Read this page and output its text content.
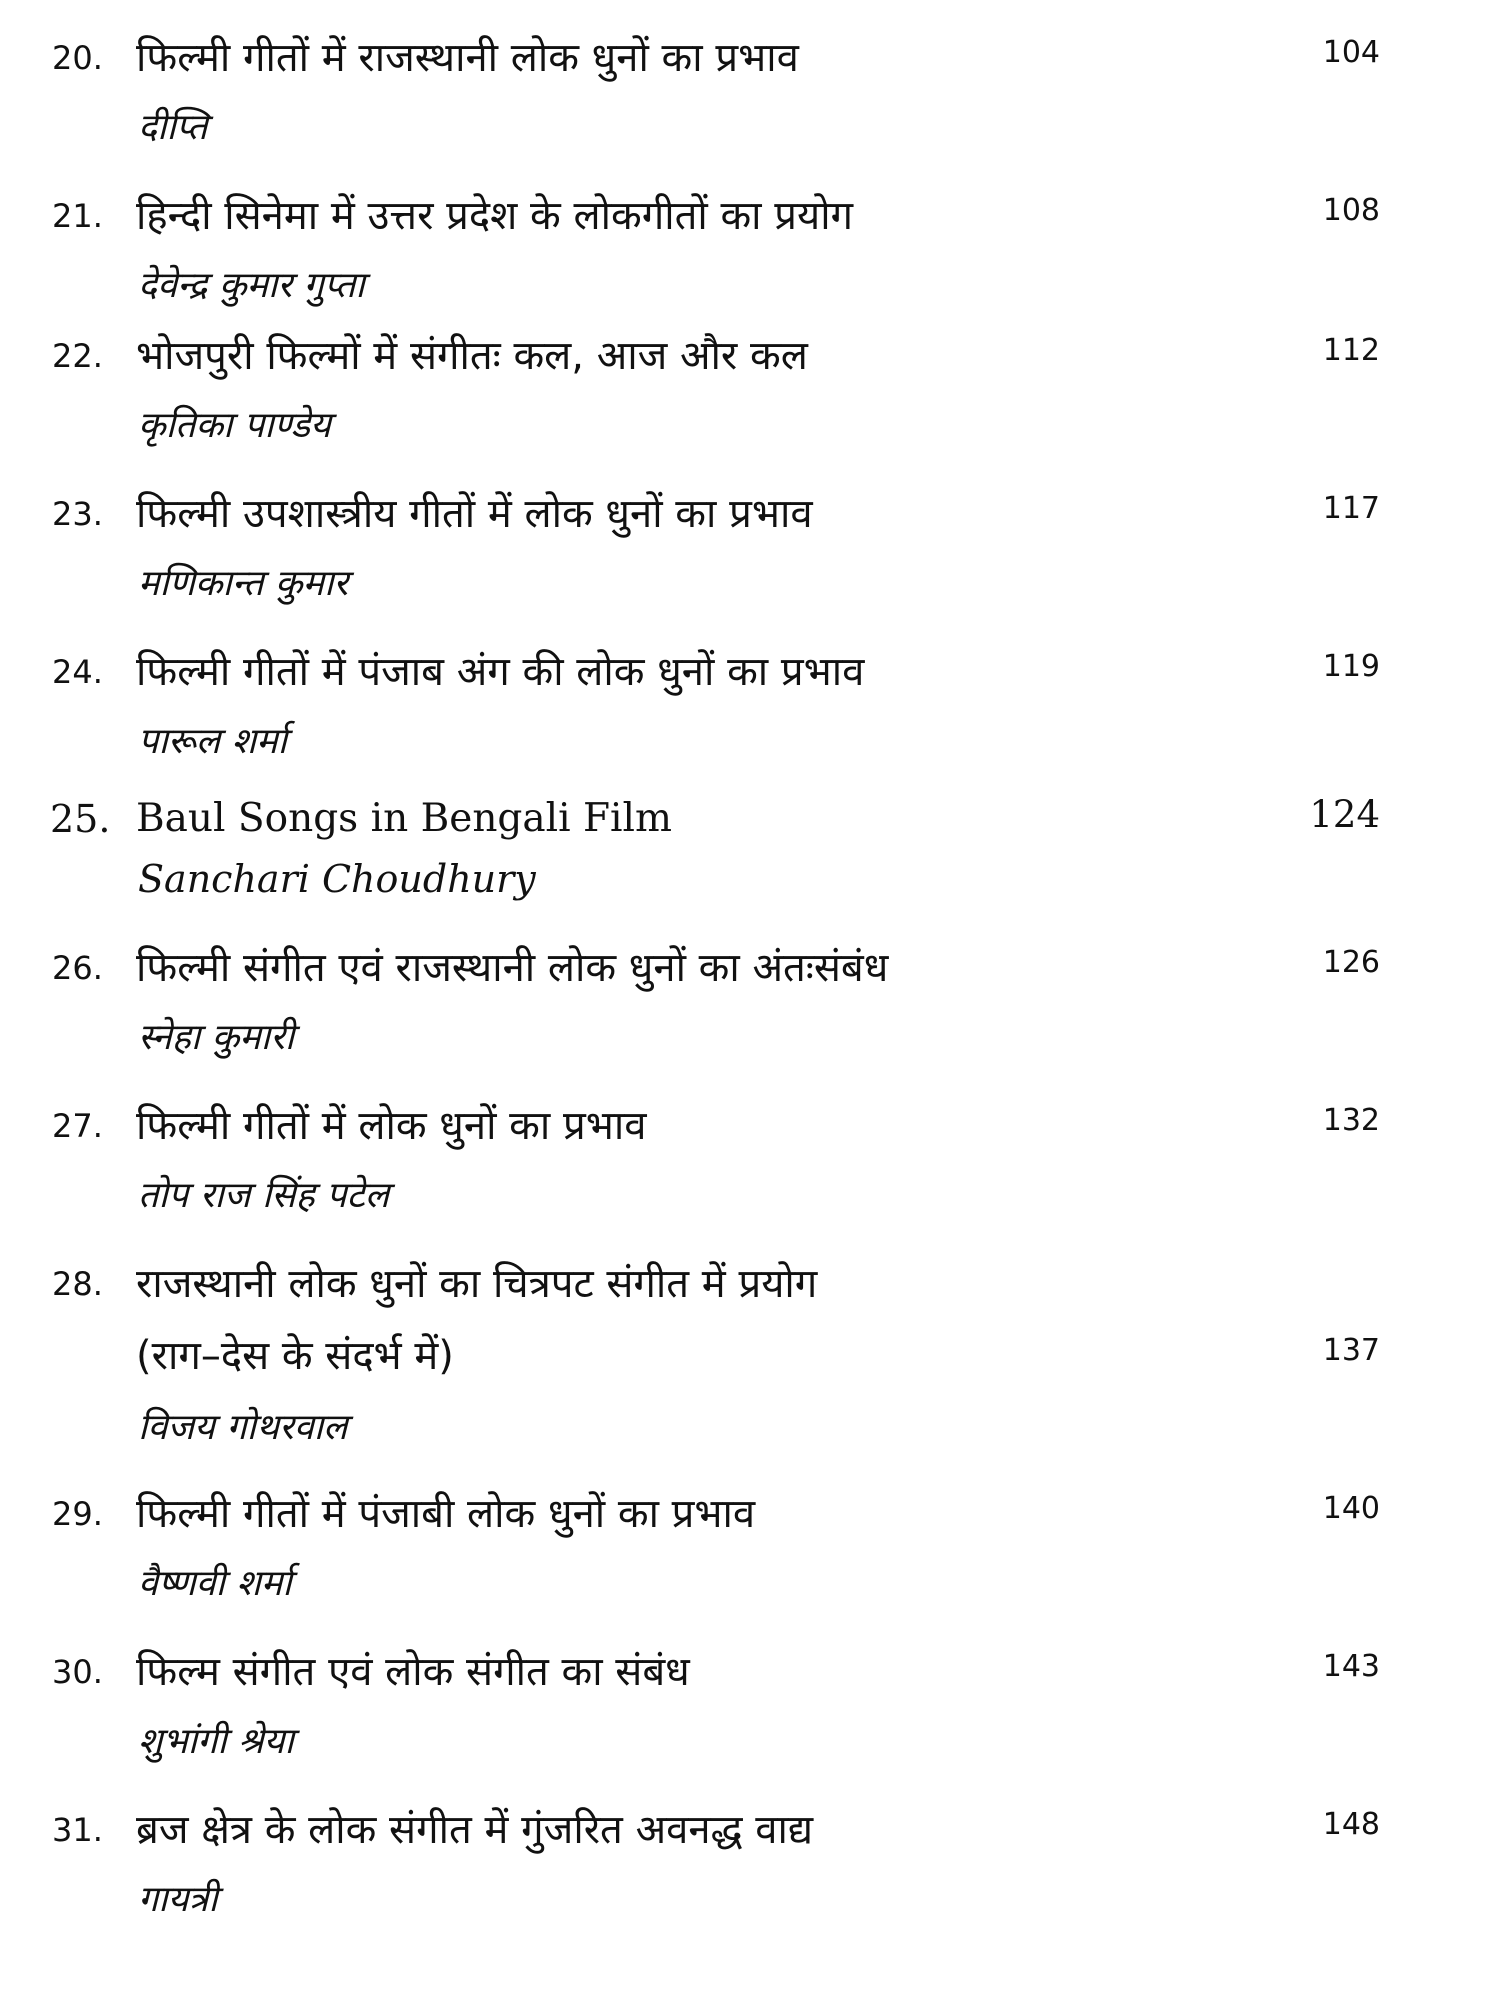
20. फिल्मी गीतों में राजस्थानी लोक धुनों का प्रभाव	104
दीप्ति
21. हिन्दी सिनेमा में उत्तर प्रदेश के लोकगीतों का प्रयोग	108
देवेन्द्र कुमार गुप्ता
22. भोजपुरी फिल्मों में संगीतः कल, आज और कल	112
कृतिका पाण्डेय
23. फिल्मी उपशास्त्रीय गीतों में लोक धुनों का प्रभाव	117
मणिकान्त कुमार
24. फिल्मी गीतों में पंजाब अंग की लोक धुनों का प्रभाव	119
पारूल शर्मा
25. Baul Songs in Bengali Film	124
Sanchari Choudhury
26. फिल्मी संगीत एवं राजस्थानी लोक धुनों का अंतःसंबंध	126
स्नेहा कुमारी
27. फिल्मी गीतों में लोक धुनों का प्रभाव	132
तोप राज सिंह पटेल
28. राजस्थानी लोक धुनों का चित्रपट संगीत में प्रयोग
(राग–देस के संदर्भ में)	137
विजय गोथरवाल
29. फिल्मी गीतों में पंजाबी लोक धुनों का प्रभाव	140
वैष्णवी शर्मा
30. फिल्म संगीत एवं लोक संगीत का संबंध	143
शुभांगी श्रेया
31. ब्रज क्षेत्र के लोक संगीत में गुंजरित अवनद्ध वाद्य	148
गायत्री
